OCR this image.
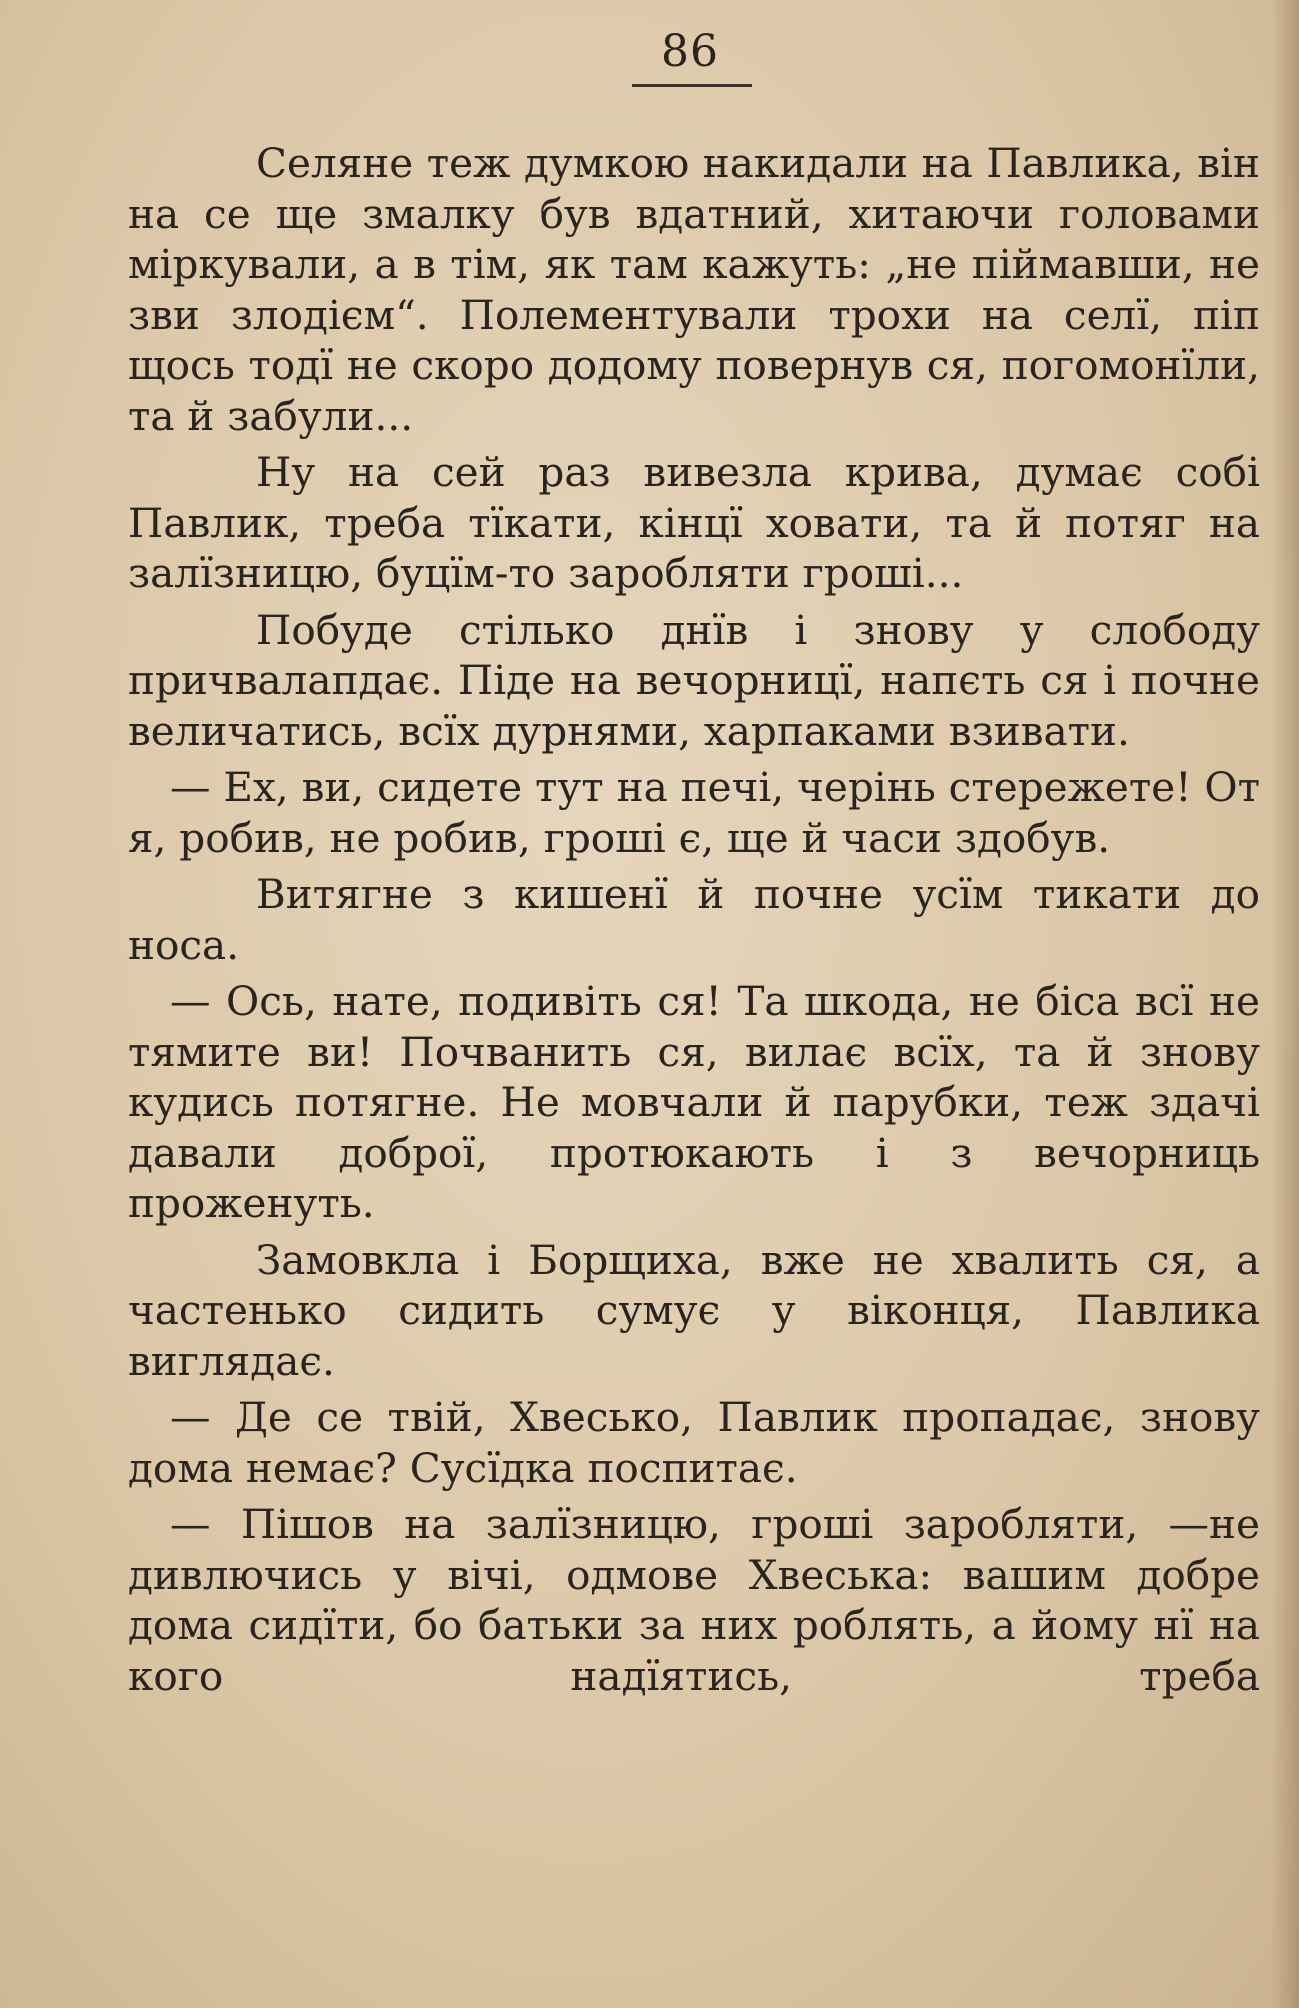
86

Селяне теж думкою накидали на Павлика, він на се ще змалку був вдатний, хитаючи головами міркували, а в тім, як там кажуть: „не піймавши, не зви злодієм“. Полементували трохи на селї, піп щось тодї не скоро додому повернув ся, погомонїли, та й забули...

Ну на сей раз вивезла крива, думає собі Павлик, треба тїкати, кінцї ховати, та й потяг на залїзницю, буцїм-то заробляти гроші...

Побуде стілько днїв і знову у слободу причвалапдає. Піде на вечорницї, напєть ся і почне величатись, всїх дурнями, харпаками взивати.

— Ех, ви, сидете тут на печі, черінь стережете! От я, робив, не робив, гроші є, ще й часи здобув.

Витягне з кишенї й почне усїм тикати до носа.

— Ось, нате, подивіть ся! Та шкода, не біса всї не тямите ви! Почванить ся, вилає всїх, та й знову кудись потягне. Не мовчали й парубки, теж здачі давали доброї, протюкають і з вечорниць проженуть.

Замовкла і Борщиха, вже не хвалить ся, а частенько сидить сумує у віконця, Павлика виглядає.

— Де се твій, Хвесько, Павлик пропадає, знову дома немає? Сусїдка поспитає.

— Пішов на залїзницю, гроші заробляти, —не дивлючись у вічі, одмове Хвеська: вашим добре дома сидїти, бо батьки за них роблять, а йому нї на кого надїятись, треба
